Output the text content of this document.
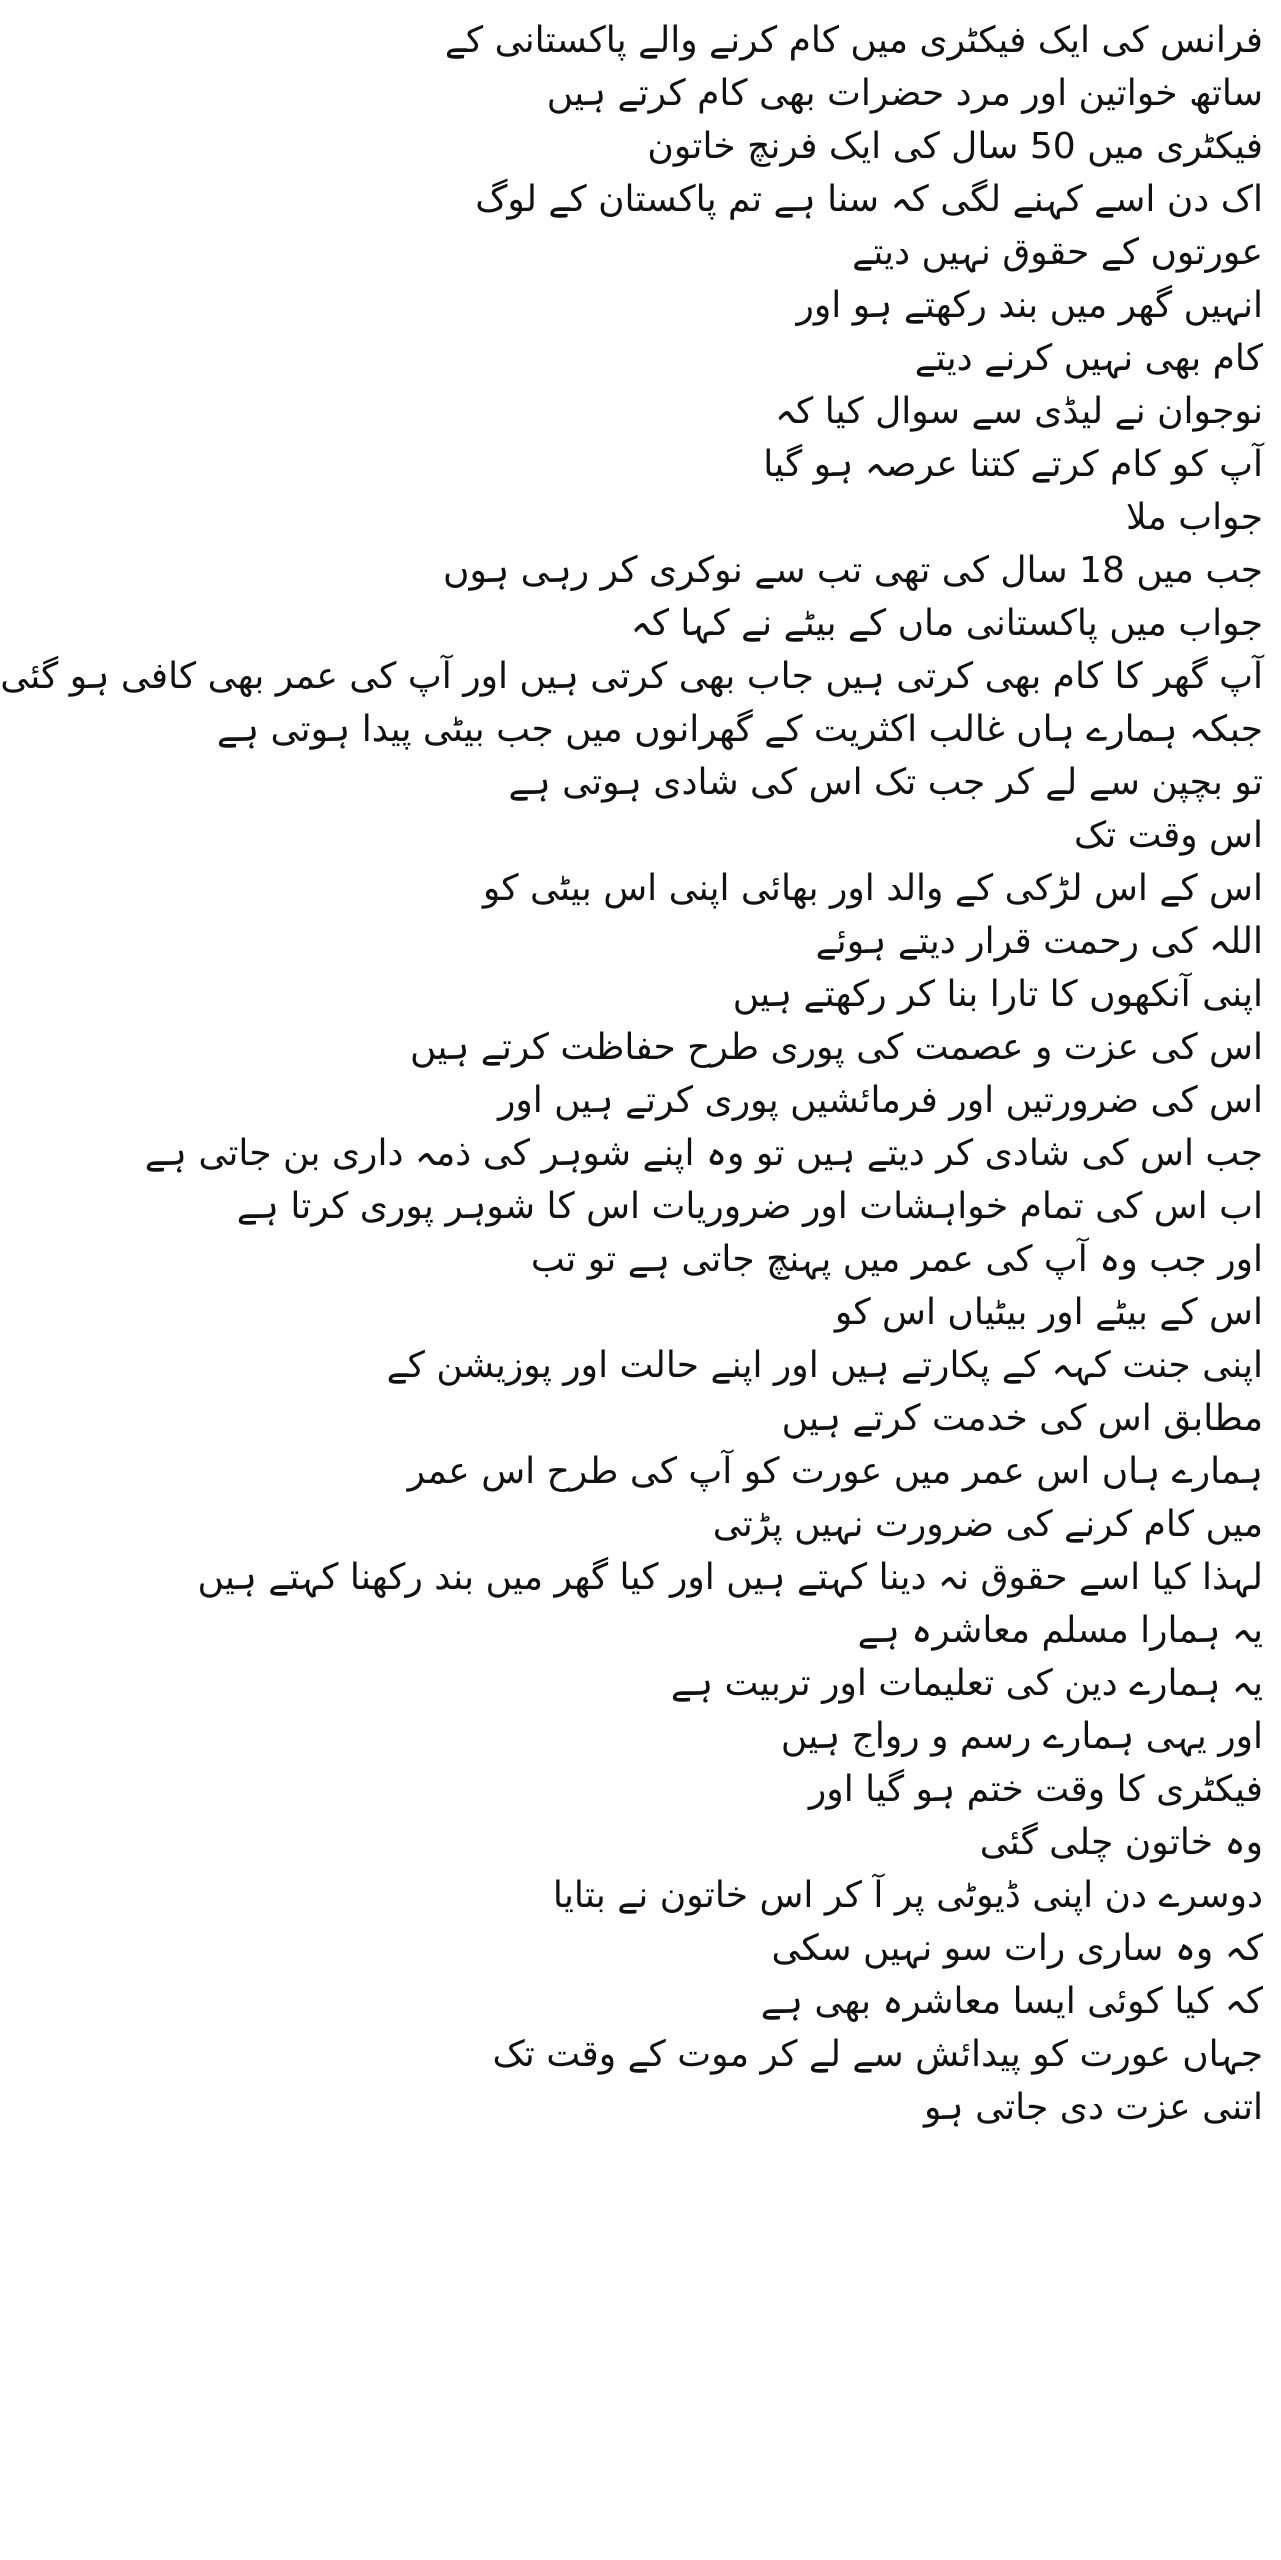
فرانس کی ایک فیکٹری میں کام کرنے والے پاکستانی کے ساتھ خواتین اور مرد حضرات بھی کام کرتے ہیں

فیکٹری میں 50 سال کی ایک فرنچ خاتون

اک دن اسے کہنے لگی کہ سنا ہے تم پاکستان کے لوگ عورتوں کے حقوق نہیں دیتے

انہیں گھر میں بند رکھتے ہو اور

کام بھی نہیں کرنے دیتے

نوجوان نے لیڈی سے سوال کیا کہ

آپ کو کام کرتے کتنا عرصہ ہو گیا

جواب ملا

جب میں 18 سال کی تھی تب سے نوکری کر رہی ہوں

جواب میں پاکستانی ماں کے بیٹے نے کہا کہ

آپ گھر کا کام بھی کرتی ہیں جاب بھی کرتی ہیں اور آپ کی عمر بھی کافی ہو گئی

جبکہ ہمارے ہاں غالب اکثریت کے گھرانوں میں جب بیٹی پیدا ہوتی ہے

تو بچپن سے لے کر جب تک اس کی شادی ہوتی ہے

اس وقت تک

اس کے اس لڑکی کے والد اور بھائی اپنی اس بیٹی کو

اللہ کی رحمت قرار دیتے ہوئے

اپنی آنکھوں کا تارا بنا کر رکھتے ہیں

اس کی عزت و عصمت کی پوری طرح حفاظت کرتے ہیں

اس کی ضرورتیں اور فرمائشیں پوری کرتے ہیں اور

جب اس کی شادی کر دیتے ہیں تو وہ اپنے شوہر کی ذمہ داری بن جاتی ہے

اب اس کی تمام خواہشات اور ضروریات اس کا شوہر پوری کرتا ہے

اور جب وہ آپ کی عمر میں پہنچ جاتی ہے تو تب

اس کے بیٹے اور بیٹیاں اس کو

اپنی جنت کہہ کے پکارتے ہیں اور اپنے حالت اور پوزیشن کے مطابق اس کی خدمت کرتے ہیں

ہمارے ہاں اس عمر میں عورت کو آپ کی طرح اس عمر میں کام کرنے کی ضرورت نہیں پڑتی

لہذا کیا اسے حقوق نہ دینا کہتے ہیں اور کیا گھر میں بند رکھنا کہتے ہیں

یہ ہمارا مسلم معاشرہ ہے

یہ ہمارے دین کی تعلیمات اور تربیت ہے

اور یہی ہمارے رسم و رواج ہیں

فیکٹری کا وقت ختم ہو گیا اور

وہ خاتون چلی گئی

دوسرے دن اپنی ڈیوٹی پر آ کر اس خاتون نے بتایا

کہ وہ ساری رات سو نہیں سکی

کہ کیا کوئی ایسا معاشرہ بھی ہے

جہاں عورت کو پیدائش سے لے کر موت کے وقت تک

اتنی عزت دی جاتی ہو
